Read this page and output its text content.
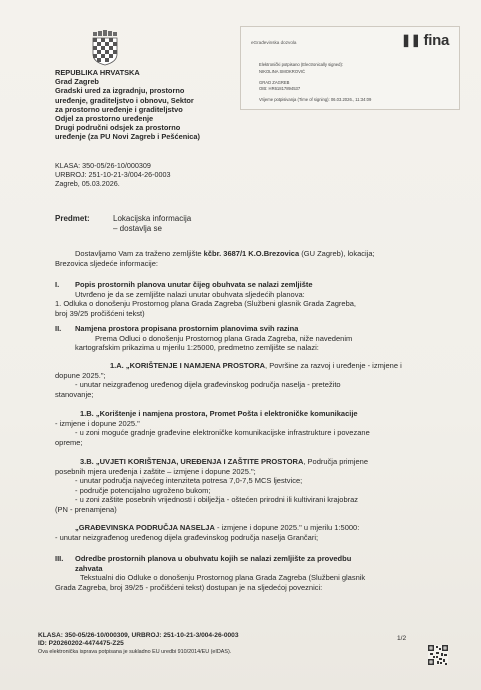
REPUBLIKA HRVATSKA
Grad Zagreb
Gradski ured za izgradnju, prostorno
uređenje, graditeljstvo i obnovu, Sektor
za prostorno uređenje i graditeljstvo
Odjel za prostorno uređenje
Drugi područni odsjek za prostorno
uređenje (za PU Novi Zagreb i Pešćenica)
KLASA: 350-05/26-10/000309
URBROJ: 251-10-21-3/004-26-0003
Zagreb, 05.03.2026.
eGrađevinska dozvola	❚❚ fina
Elektronički potpisano (Electronically signed):
NIKOLINA SMOKROVIĆ
GRAD ZAGREB
OIB: HR61817894537
Vrijeme potpisivanja (Time of signing): 06.03.2026., 11:34:09
Predmet:	Lokacijska informacija
– dostavlja se
Dostavljamo Vam za traženo zemljište kčbr. 3687/1 K.O.Brezovica (GU Zagreb), lokacija;
Brezovica sljedeće informacije:
I. Popis prostornih planova unutar čijeg obuhvata se nalazi zemljište
Utvrđeno je da se zemljište nalazi unutar obuhvata sljedećih planova:
1. Odluka o donošenju Prostornog plana Grada Zagreba (Službeni glasnik Grada Zagreba,
broj 39/25 pročišćeni tekst)
II. Namjena prostora propisana prostornim planovima svih razina
Prema Odluci o donošenju Prostornog plana Grada Zagreba, niže navedenim
kartografskim prikazima u mjerilu 1:25000, predmetno zemljište se nalazi:
1.A. „KORIŠTENJE I NAMJENA PROSTORA, Površine za razvoj i uređenje - izmjene i
dopune 2025.";
- unutar neizgrađenog uređenog dijela građevinskog područja naselja - pretežito
stanovanje;
1.B. „Korištenje i namjena prostora, Promet Pošta i elektroničke komunikacije
- izmjene i dopune 2025."
- u zoni moguće gradnje građevine elektroničke komunikacijske infrastrukture i povezane
opreme;
3.B. „UVJETI KORIŠTENJA, UREĐENJA I ZAŠTITE PROSTORA, Područja primjene
posebnih mjera uređenja i zaštite – izmjene i dopune 2025.";
- unutar područja najvećeg intenziteta potresa 7,0-7,5 MCS ljestvice;
- područje potencijalno ugroženo bukom;
- u zoni zaštite posebnih vrijednosti i obilježja - oštećen prirodni ili kultivirani krajobraz
(PN - prenamjena)
„GRAĐEVINSKA PODRUČJA NASELJA - izmjene i dopune 2025." u mjerilu 1:5000:
- unutar neizgrađenog uređenog dijela građevinskog područja naselja Grančari;
III. Odredbe prostornih planova u obuhvatu kojih se nalazi zemljište za provedbu
zahvata
Tekstualni dio Odluke o donošenju Prostornog plana Grada Zagreba (Službeni glasnik
Grada Zagreba, broj 39/25 - pročišćeni tekst) dostupan je na sljedećoj poveznici:
KLASA: 350-05/26-10/000309, URBROJ: 251-10-21-3/004-26-0003
ID: P20260202-4474475-Z25
Ova elektronička isprava potpisana je sukladno EU uredbi 910/2014/EU (eIDAS).
1/2
